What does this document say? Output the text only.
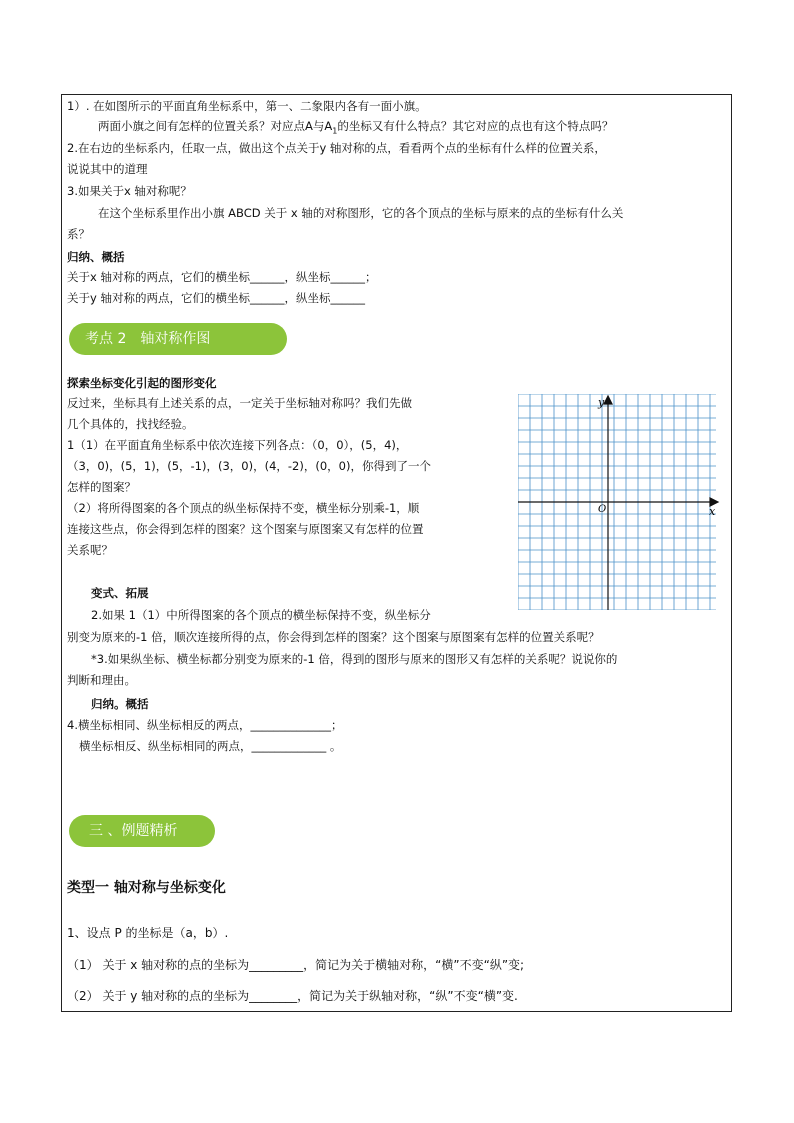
1）. 在如图所示的平面直角坐标系中，第一、二象限内各有一面小旗。
两面小旗之间有怎样的位置关系？对应点A与$A_1$的坐标又有什么特点？其它对应的点也有这个特点吗？
2.在右边的坐标系内，任取一点，做出这个点关于y 轴对称的点，看看两个点的坐标有什么样的位置关系，
说说其中的道理
3.如果关于x 轴对称呢？
在这个坐标系里作出小旗 ABCD 关于 x 轴的对称图形，它的各个顶点的坐标与原来的点的坐标有什么关
系？
归纳、概括
关于x 轴对称的两点，它们的横坐标______，纵坐标______；
关于y 轴对称的两点，它们的横坐标______，纵坐标______
考点 2　轴对称作图
探索坐标变化引起的图形变化
反过来，坐标具有上述关系的点，一定关于坐标轴对称吗？我们先做
几个具体的，找找经验。
1（1）在平面直角坐标系中依次连接下列各点：（0，0），(5，4)，
（3，0)，(5，1)，(5，-1)，(3，0)，(4，-2)，(0，0)，你得到了一个
怎样的图案？
（2）将所得图案的各个顶点的纵坐标保持不变，横坐标分别乘-1，顺
连接这些点，你会得到怎样的图案？这个图案与原图案又有怎样的位置
关系呢？
变式、拓展
2.如果 1（1）中所得图案的各个顶点的横坐标保持不变，纵坐标分
别变为原来的-1 倍，顺次连接所得的点，你会得到怎样的图案？这个图案与原图案有怎样的位置关系呢？
*3.如果纵坐标、横坐标都分别变为原来的-1 倍，得到的图形与原来的图形又有怎样的关系呢？说说你的
判断和理由。
归纳。概括
4.横坐标相同、纵坐标相反的两点，______________；
横坐标相反、纵坐标相同的两点，_____________ 。
x
y
O
三 、例题精析
类型一 轴对称与坐标变化
1、设点 P 的坐标是（a，b）.
（1） 关于 x 轴对称的点的坐标为_________，简记为关于横轴对称，“横”不变“纵”变;
（2） 关于 y 轴对称的点的坐标为________，简记为关于纵轴对称，“纵”不变“横”变.
